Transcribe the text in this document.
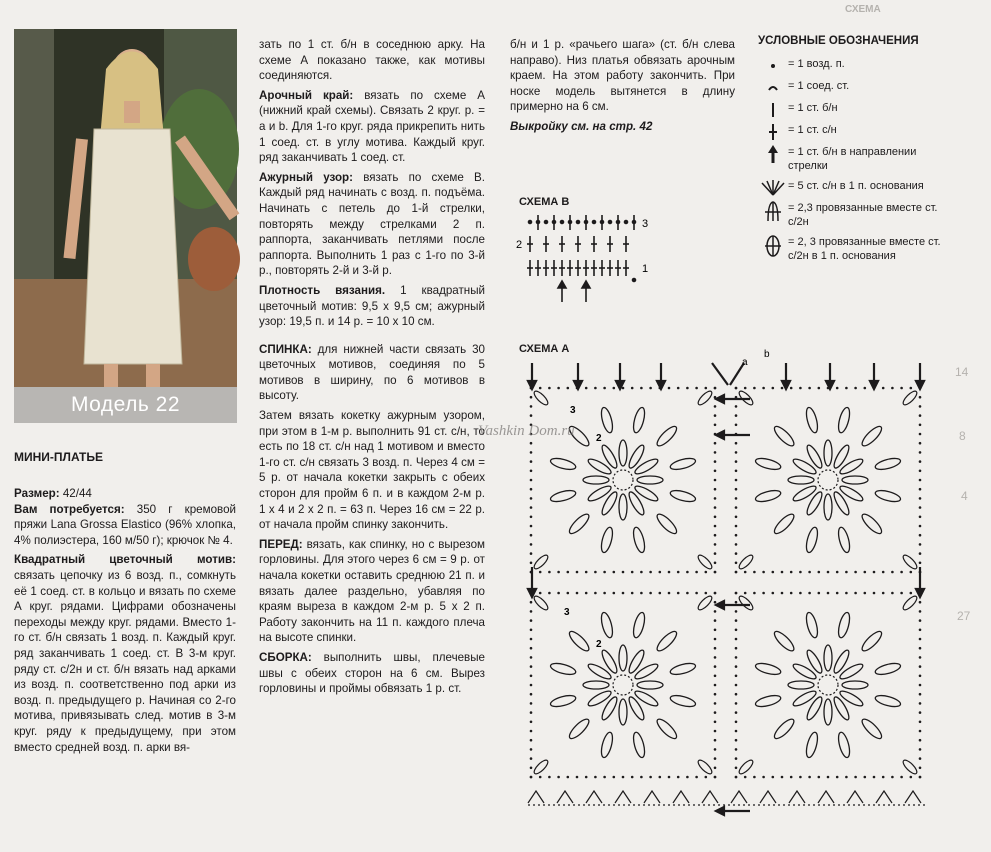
Модель 22
МИНИ-ПЛАТЬЕ

Размер: 42/44
Вам потребуется: 350 г кремовой пряжи Lana Grossa Elastico (96% хлопка, 4% полиэстера, 160 м/50 г); крючок № 4.

Квадратный цветочный мотив: связать цепочку из 6 возд. п., сомкнуть её 1 соед. ст. в кольцо и вязать по схеме А круг. рядами. Цифрами обозначены переходы между круг. рядами. Вместо 1-го ст. б/н связать 1 возд. п. Каждый круг. ряд заканчивать 1 соед. ст. В 3-м круг. ряду ст. с/2н и ст. б/н вязать над арками из возд. п. соответственно под арки из возд. п. предыдущего р. Начиная со 2-го мотива, привязывать след. мотив в 3-м круг. ряду к предыдущему, при этом вместо средней возд. п. арки вя-

зать по 1 ст. б/н в соседнюю арку. На схеме А показано также, как мотивы соединяются.

Арочный край: вязать по схеме А (нижний край схемы). Связать 2 круг. р. = a и b. Для 1-го круг. ряда прикрепить нить 1 соед. ст. в углу мотива. Каждый круг. ряд заканчивать 1 соед. ст.

Ажурный узор: вязать по схеме В. Каждый ряд начинать с возд. п. подъёма. Начинать с петель до 1-й стрелки, повторять между стрелками 2 п. раппорта, заканчивать петлями после раппорта. Выполнить 1 раз с 1-го по 3-й р., повторять 2-й и 3-й р.

Плотность вязания. 1 квадратный цветочный мотив: 9,5 х 9,5 см; ажурный узор: 19,5 п. и 14 р. = 10 х 10 см.

СПИНКА: для нижней части связать 30 цветочных мотивов, соединяя по 5 мотивов в ширину, по 6 мотивов в высоту.

Затем вязать кокетку ажурным узором, при этом в 1-м р. выполнить 91 ст. с/н, то есть по 18 ст. с/н над 1 мотивом и вместо 1-го ст. с/н связать 3 возд. п. Через 4 см = 5 р. от начала кокетки закрыть с обеих сторон для пройм 6 п. и в каждом 2-м р. 1 х 4 и 2 х 2 п. = 63 п. Через 16 см = 22 р. от начала пройм спинку закончить.

ПЕРЕД: вязать, как спинку, но с вырезом горловины. Для этого через 6 см = 9 р. от начала кокетки оставить среднюю 21 п. и вязать далее раздельно, убавляя по краям выреза в каждом 2-м р. 5 х 2 п. Работу закончить на 11 п. каждого плеча на высоте спинки.

СБОРКА: выполнить швы, плечевые швы с обеих сторон на 6 см. Вырез горловины и проймы обвязать 1 р. ст.

б/н и 1 р. «рачьего шага» (ст. б/н слева направо). Низ платья обвязать арочным краем. На этом работу закончить. При носке модель вытянется в длину примерно на 6 см.

Выкройку см. на стр. 42

СХЕМА В
3
2
1
СХЕМА А
a
b
3
2
3
2
Vashkin Dom.ru
УСЛОВНЫЕ ОБОЗНАЧЕНИЯ
= 1 возд. п.
= 1 соед. ст.
= 1 ст. б/н
= 1 ст. с/н
= 1 ст. б/н в направлении стрелки
= 5 ст. с/н в 1 п. основания
= 2,3 провязанные вместе ст. с/2н
= 2, 3 провязанные вместе ст. с/2н в 1 п. основания
СХЕМА
14
8
4
27
